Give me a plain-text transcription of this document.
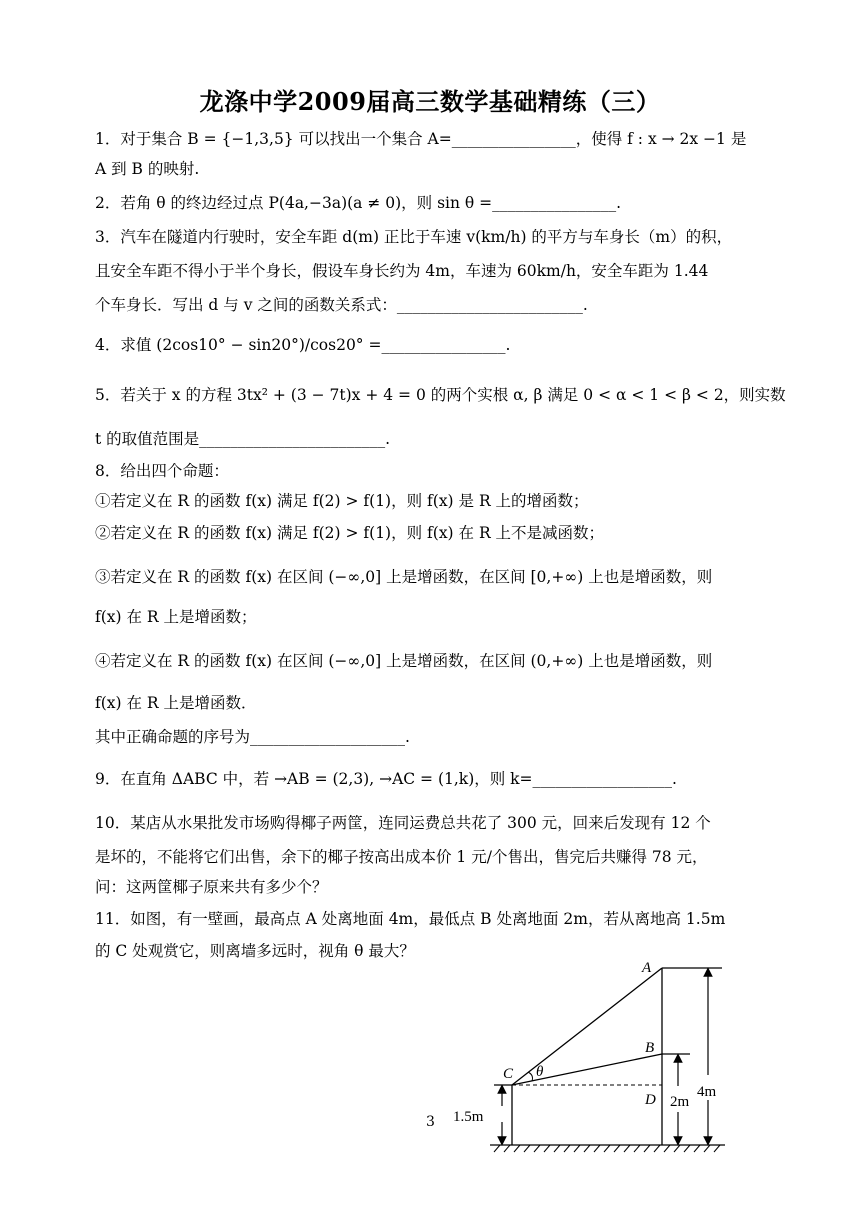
龙涤中学2009届高三数学基础精练（三）
1．对于集合 B = {−1,3,5} 可以找出一个集合 A=________________，使得 f : x → 2x −1 是
A 到 B 的映射.
2．若角 θ 的终边经过点 P(4a,−3a)(a ≠ 0)，则 sin θ =________________.
3．汽车在隧道内行驶时，安全车距 d(m) 正比于车速 v(km/h) 的平方与车身长（m）的积，
且安全车距不得小于半个身长，假设车身长约为 4m，车速为 60km/h，安全车距为 1.44
个车身长．写出 d 与 v 之间的函数关系式：________________________.
4．求值 (2cos10° − sin20°)/cos20° =________________.
5．若关于 x 的方程 3tx² + (3 − 7t)x + 4 = 0 的两个实根 α, β 满足 0 < α < 1 < β < 2，则实数
t 的取值范围是________________________.
8．给出四个命题：
①若定义在 R 的函数 f(x) 满足 f(2) > f(1)，则 f(x) 是 R 上的增函数；
②若定义在 R 的函数 f(x) 满足 f(2) > f(1)，则 f(x) 在 R 上不是减函数；
③若定义在 R 的函数 f(x) 在区间 (−∞,0] 上是增函数，在区间 [0,+∞) 上也是增函数，则
f(x) 在 R 上是增函数；
④若定义在 R 的函数 f(x) 在区间 (−∞,0] 上是增函数，在区间 (0,+∞) 上也是增函数，则
f(x) 在 R 上是增函数．
其中正确命题的序号为____________________.
9．在直角 ΔABC 中，若 →AB = (2,3), →AC = (1,k)，则 k=__________________.
10．某店从水果批发市场购得椰子两筐，连同运费总共花了 300 元，回来后发现有 12 个
是坏的，不能将它们出售，余下的椰子按高出成本价 1 元/个售出，售完后共赚得 78 元，
问：这两筐椰子原来共有多少个？
11．如图，有一壁画，最高点 A 处离地面 4m，最低点 B 处离地面 2m，若从离地高 1.5m
的 C 处观赏它，则离墙多远时，视角 θ 最大？
3
A
B
C
D
θ
1.5m
2m
4m
